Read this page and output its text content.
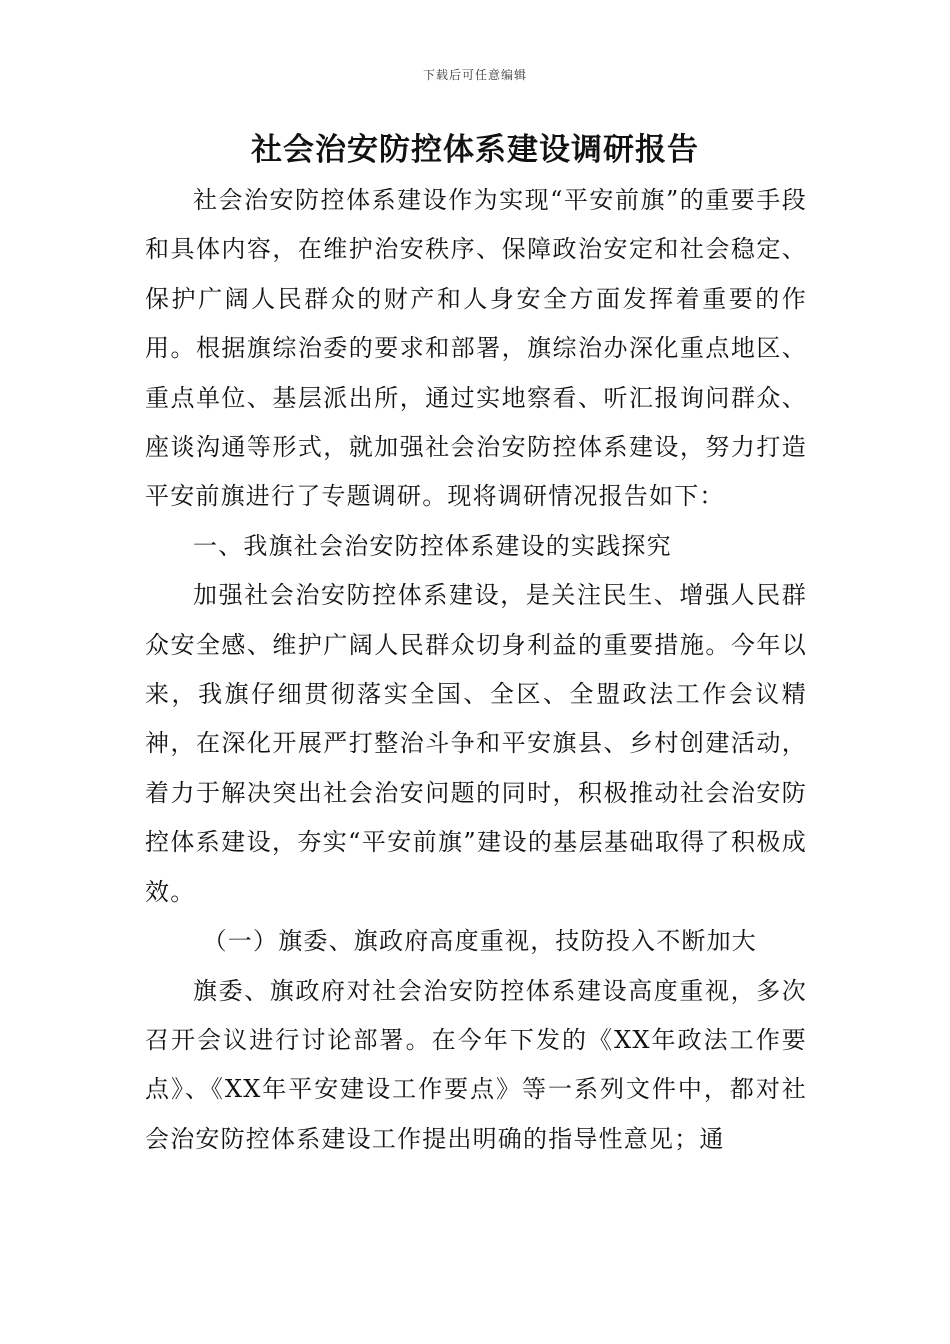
下载后可任意编辑
社会治安防控体系建设调研报告

社会治安防控体系建设作为实现“平安前旗”的重要手段和具体内容，在维护治安秩序、保障政治安定和社会稳定、保护广阔人民群众的财产和人身安全方面发挥着重要的作用。根据旗综治委的要求和部署，旗综治办深化重点地区、重点单位、基层派出所，通过实地察看、听汇报询问群众、座谈沟通等形式，就加强社会治安防控体系建设，努力打造平安前旗进行了专题调研。现将调研情况报告如下：

一、我旗社会治安防控体系建设的实践探究

加强社会治安防控体系建设，是关注民生、增强人民群众安全感、维护广阔人民群众切身利益的重要措施。今年以来，我旗仔细贯彻落实全国、全区、全盟政法工作会议精神，在深化开展严打整治斗争和平安旗县、乡村创建活动，着力于解决突出社会治安问题的同时，积极推动社会治安防控体系建设，夯实“平安前旗”建设的基层基础取得了积极成效。

（一）旗委、旗政府高度重视，技防投入不断加大

旗委、旗政府对社会治安防控体系建设高度重视，多次召开会议进行讨论部署。在今年下发的《XX年政法工作要点》、《XX年平安建设工作要点》等一系列文件中，都对社会治安防控体系建设工作提出明确的指导性意见；通
